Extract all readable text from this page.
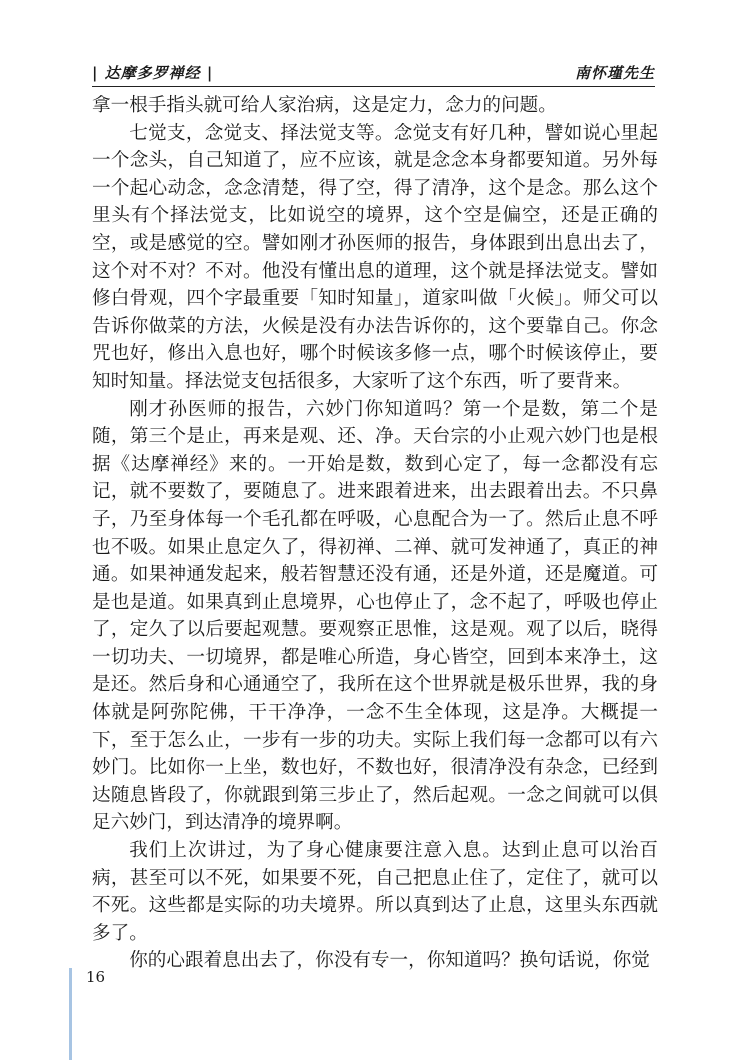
| 达摩多罗禅经 |	南怀瑾先生

拿一根手指头就可给人家治病，这是定力，念力的问题。

七觉支，念觉支、择法觉支等。念觉支有好几种，譬如说心里起一个念头，自己知道了，应不应该，就是念念本身都要知道。另外每一个起心动念，念念清楚，得了空，得了清净，这个是念。那么这个里头有个择法觉支，比如说空的境界，这个空是偏空，还是正确的空，或是感觉的空。譬如刚才孙医师的报告，身体跟到出息出去了，这个对不对？不对。他没有懂出息的道理，这个就是择法觉支。譬如修白骨观，四个字最重要「知时知量」，道家叫做「火候」。师父可以告诉你做菜的方法，火候是没有办法告诉你的，这个要靠自己。你念咒也好，修出入息也好，哪个时候该多修一点，哪个时候该停止，要知时知量。择法觉支包括很多，大家听了这个东西，听了要背来。

刚才孙医师的报告，六妙门你知道吗？第一个是数，第二个是随，第三个是止，再来是观、还、净。天台宗的小止观六妙门也是根据《达摩禅经》来的。一开始是数，数到心定了，每一念都没有忘记，就不要数了，要随息了。进来跟着进来，出去跟着出去。不只鼻子，乃至身体每一个毛孔都在呼吸，心息配合为一了。然后止息不呼也不吸。如果止息定久了，得初禅、二禅、就可发神通了，真正的神通。如果神通发起来，般若智慧还没有通，还是外道，还是魔道。可是也是道。如果真到止息境界，心也停止了，念不起了，呼吸也停止了，定久了以后要起观慧。要观察正思惟，这是观。观了以后，晓得一切功夫、一切境界，都是唯心所造，身心皆空，回到本来净土，这是还。然后身和心通通空了，我所在这个世界就是极乐世界，我的身体就是阿弥陀佛，干干净净，一念不生全体现，这是净。大概提一下，至于怎么止，一步有一步的功夫。实际上我们每一念都可以有六妙门。比如你一上坐，数也好，不数也好，很清净没有杂念，已经到达随息皆段了，你就跟到第三步止了，然后起观。一念之间就可以俱足六妙门，到达清净的境界啊。

我们上次讲过，为了身心健康要注意入息。达到止息可以治百病，甚至可以不死，如果要不死，自己把息止住了，定住了，就可以不死。这些都是实际的功夫境界。所以真到达了止息，这里头东西就多了。

你的心跟着息出去了，你没有专一，你知道吗？换句话说，你觉

16
